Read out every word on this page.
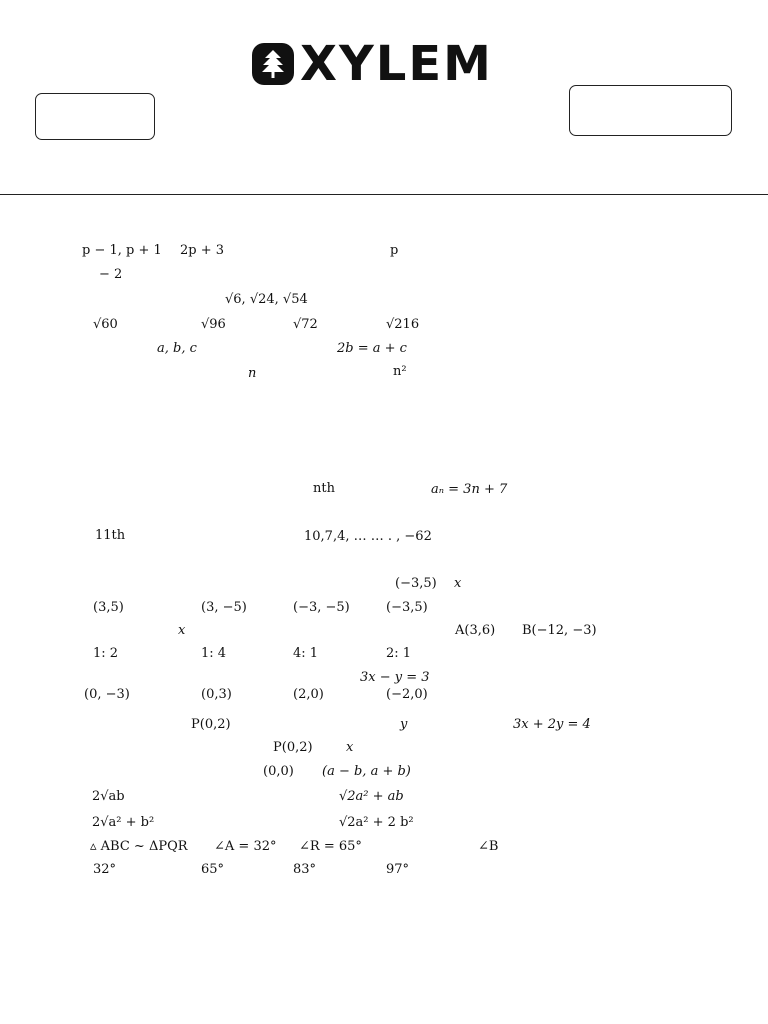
XYLEM
p − 1, p + 1 2p + 3	p
− 2
√6, √24, √54
√60	√96	√72	√216
a, b, c	2b = a + c
n	n²
nth	aₙ = 3n + 7
11th	10,7,4, … … . , −62
(−3,5) x
(3,5)	(3, −5)	(−3, −5)	(−3,5)
x	A(3,6) B(−12, −3)
1: 2	1: 4	4: 1	2: 1
3x − y = 3
(0, −3)	(0,3)	(2,0)	(−2,0)
P(0,2)	y	3x + 2y = 4
P(0,2)	x
(0,0) (a − b, a + b)
2√ab	√2a² + ab
2√a² + b²	√2a² + 2 b²
▵ ABC ~ ΔPQR ∠A = 32° ∠R = 65°	∠B
32°	65°	83°	97°
